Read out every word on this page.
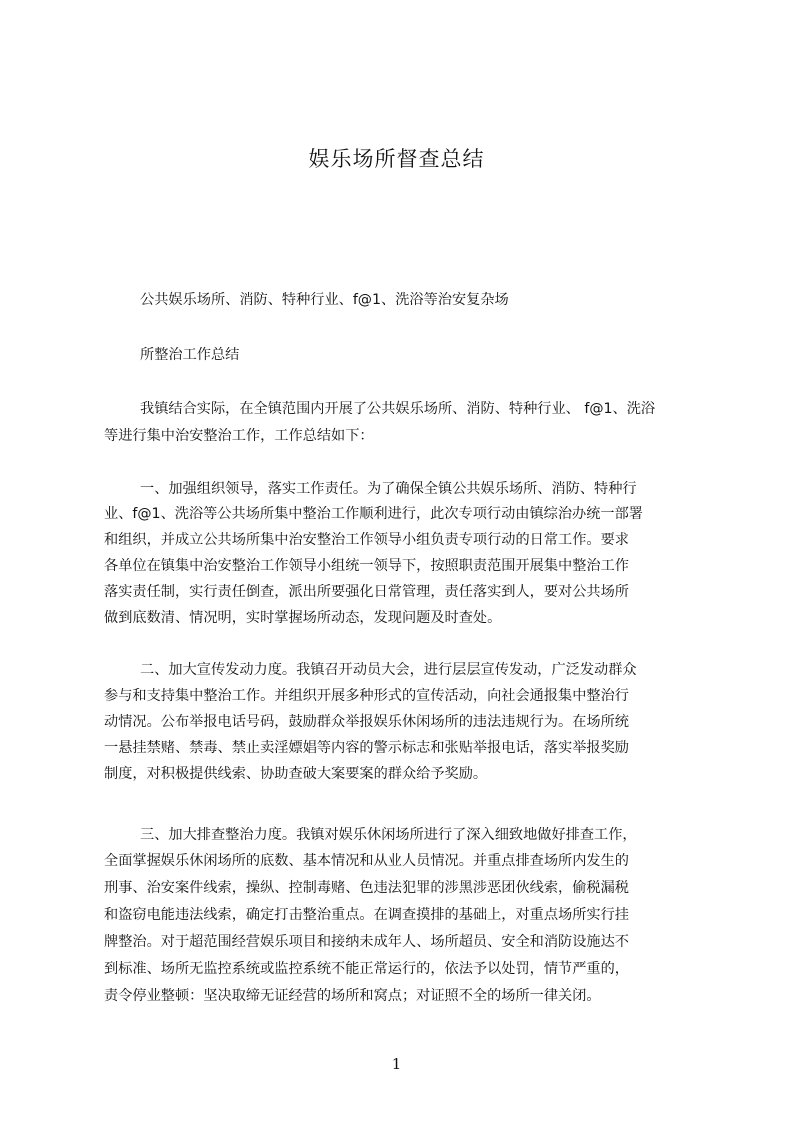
娱乐场所督查总结
公共娱乐场所、消防、特种行业、f@1、洗浴等治安复杂场
所整治工作总结
我镇结合实际，在全镇范围内开展了公共娱乐场所、消防、特种行业、 f@1、洗浴
等进行集中治安整治工作，工作总结如下：
一、加强组织领导，落实工作责任。为了确保全镇公共娱乐场所、消防、特种行
业、f@1、洗浴等公共场所集中整治工作顺利进行，此次专项行动由镇综治办统一部署
和组织，并成立公共场所集中治安整治工作领导小组负责专项行动的日常工作。要求
各单位在镇集中治安整治工作领导小组统一领导下，按照职责范围开展集中整治工作
落实责任制，实行责任倒查，派出所要强化日常管理，责任落实到人，要对公共场所
做到底数清、情况明，实时掌握场所动态，发现问题及时查处。
二、加大宣传发动力度。我镇召开动员大会，进行层层宣传发动，广泛发动群众
参与和支持集中整治工作。并组织开展多种形式的宣传活动，向社会通报集中整治行
动情况。公布举报电话号码，鼓励群众举报娱乐休闲场所的违法违规行为。在场所统
一悬挂禁赌、禁毒、禁止卖淫嫖娼等内容的警示标志和张贴举报电话，落实举报奖励
制度，对积极提供线索、协助查破大案要案的群众给予奖励。
三、加大排查整治力度。我镇对娱乐休闲场所进行了深入细致地做好排查工作，
全面掌握娱乐休闲场所的底数、基本情况和从业人员情况。并重点排查场所内发生的
刑事、治安案件线索，操纵、控制毒赌、色违法犯罪的涉黑涉恶团伙线索，偷税漏税
和盗窃电能违法线索，确定打击整治重点。在调查摸排的基础上，对重点场所实行挂
牌整治。对于超范围经营娱乐项目和接纳未成年人、场所超员、安全和消防设施达不
到标准、场所无监控系统或监控系统不能正常运行的，依法予以处罚，情节严重的，
责令停业整顿：坚决取缔无证经营的场所和窝点；对证照不全的场所一律关闭。
1
